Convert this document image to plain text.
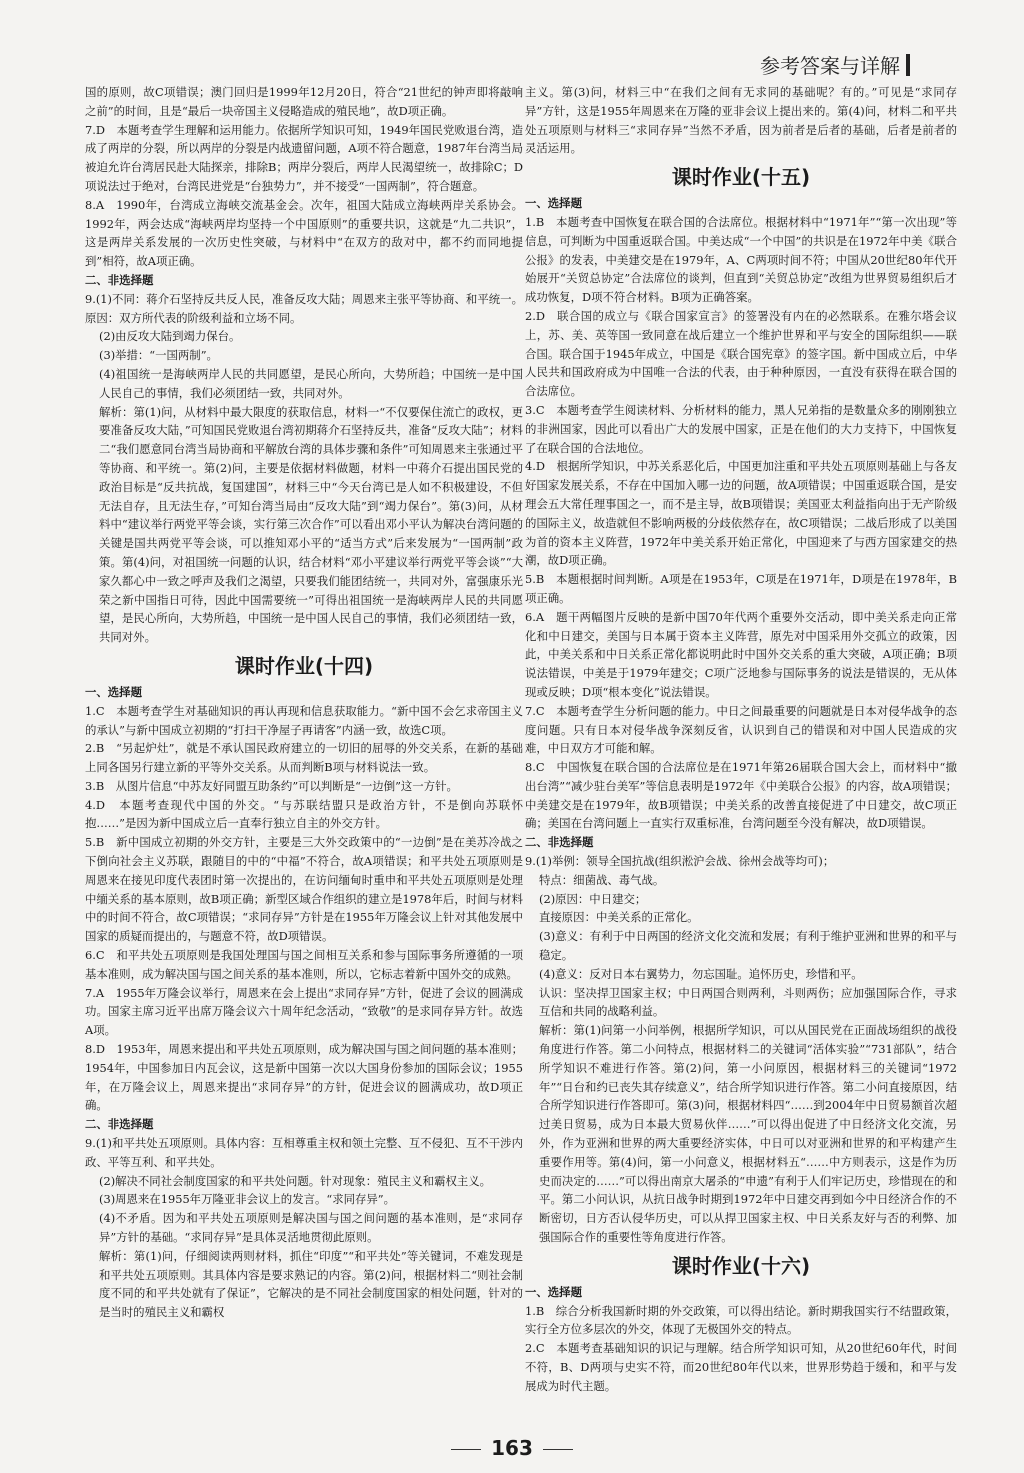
参考答案与详解
国的原则，故C项错误；澳门回归是1999年12月20日，符合“21世纪的钟声即将敲响之前”的时间，且是“最后一块帝国主义侵略造成的殖民地”，故D项正确。
7.D　本题考查学生理解和运用能力。依据所学知识可知，1949年国民党败退台湾，造成了两岸的分裂，所以两岸的分裂是内战遗留问题，A项不符合题意，1987年台湾当局被迫允许台湾居民赴大陆探亲，排除B；两岸分裂后，两岸人民渴望统一，故排除C；D项说法过于绝对，台湾民进党是“台独势力”，并不接受“一国两制”，符合题意。
8.A　1990年，台湾成立海峡交流基金会。次年，祖国大陆成立海峡两岸关系协会。1992年，两会达成“海峡两岸均坚持一个中国原则”的重要共识，这就是“九二共识”，这是两岸关系发展的一次历史性突破，与材料中“在双方的敌对中，都不约而同地提到”相符，故A项正确。
二、非选择题
9.(1)不同：蒋介石坚持反共反人民，准备反攻大陆；周恩来主张平等协商、和平统一。原因：双方所代表的阶级利益和立场不同。
(2)由反攻大陆到竭力保台。
(3)举措：“一国两制”。
(4)祖国统一是海峡两岸人民的共同愿望，是民心所向，大势所趋；中国统一是中国人民自己的事情，我们必须团结一致，共同对外。
解析：第(1)问，从材料中最大限度的获取信息，材料一“不仅要保住流亡的政权，更要准备反攻大陆，”可知国民党败退台湾初期蒋介石坚持反共，准备“反攻大陆”；材料二“我们愿意同台湾当局协商和平解放台湾的具体步骤和条件”可知周恩来主张通过平等协商、和平统一。第(2)问，主要是依据材料做题，材料一中蒋介石提出国民党的政治目标是“反共抗战，复国建国”，材料三中“今天台湾已是人如不积极建设，不但无法自存，且无法生存，”可知台湾当局由“反攻大陆”到“竭力保台”。第(3)问，从材料中“建议举行两党平等会谈，实行第三次合作”可以看出邓小平认为解决台湾问题的关键是国共两党平等会谈，可以推知邓小平的“适当方式”后来发展为“一国两制”政策。第(4)问，对祖国统一问题的认识，结合材料“邓小平建议举行两党平等会谈”“大家久都心中一致之呼声及我们之渴望，只要我们能团结统一，共同对外，富强康乐光荣之新中国指日可待，因此中国需要统一”可得出祖国统一是海峡两岸人民的共同愿望，是民心所向，大势所趋，中国统一是中国人民自己的事情，我们必须团结一致，共同对外。
课时作业(十四)
一、选择题
1.C　本题考查学生对基础知识的再认再现和信息获取能力。“新中国不会乞求帝国主义的承认”与新中国成立初期的“打扫干净屋子再请客”内涵一致，故选C项。
2.B　“另起炉灶”，就是不承认国民政府建立的一切旧的屈辱的外交关系，在新的基础上同各国另行建立新的平等外交关系。从而判断B项与材料说法一致。
3.B　从图片信息“中苏友好同盟互助条约”可以判断是“一边倒”这一方针。
4.D　本题考查现代中国的外交。“与苏联结盟只是政治方针，不是倒向苏联怀抱……”是因为新中国成立后一直奉行独立自主的外交方针。
5.B　新中国成立初期的外交方针，主要是三大外交政策中的“一边倒”是在美苏冷战之下倒向社会主义苏联，跟随目的中的“中福”不符合，故A项错误；和平共处五项原则是周恩来在接见印度代表团时第一次提出的，在访问缅甸时重申和平共处五项原则是处理中缅关系的基本原则，故B项正确；新型区域合作组织的建立是1978年后，时间与材料中的时间不符合，故C项错误；“求同存异”方针是在1955年万隆会议上针对其他发展中国家的质疑而提出的，与题意不符，故D项错误。
6.C　和平共处五项原则是我国处理国与国之间相互关系和参与国际事务所遵循的一项基本准则，成为解决国与国之间关系的基本准则，所以，它标志着新中国外交的成熟。
7.A　1955年万隆会议举行，周恩来在会上提出“求同存异”方针，促进了会议的圆满成功。国家主席习近平出席万隆会议六十周年纪念活动，“致敬”的是求同存异方针。故选A项。
8.D　1953年，周恩来提出和平共处五项原则，成为解决国与国之间问题的基本准则；1954年，中国参加日内瓦会议，这是新中国第一次以大国身份参加的国际会议；1955年，在万隆会议上，周恩来提出“求同存异”的方针，促进会议的圆满成功，故D项正确。
二、非选择题
9.(1)和平共处五项原则。具体内容：互相尊重主权和领土完整、互不侵犯、互不干涉内政、平等互利、和平共处。
(2)解决不同社会制度国家的和平共处问题。针对现象：殖民主义和霸权主义。
(3)周恩来在1955年万隆亚非会议上的发言。“求同存异”。
(4)不矛盾。因为和平共处五项原则是解决国与国之间问题的基本准则，是“求同存异”方针的基础。“求同存异”是具体灵活地贯彻此原则。
解析：第(1)问，仔细阅读两则材料，抓住“印度”“和平共处”等关键词，不难发现是和平共处五项原则。其具体内容是要求熟记的内容。第(2)问，根据材料二“则社会制度不同的和平共处就有了保证”，它解决的是不同社会制度国家的相处问题，针对的是当时的殖民主义和霸权
主义。第(3)问，材料三中“在我们之间有无求同的基础呢？有的。”可见是“求同存异”方针，这是1955年周恩来在万隆的亚非会议上提出来的。第(4)问，材料二和平共处五项原则与材料三“求同存异”当然不矛盾，因为前者是后者的基础，后者是前者的灵活运用。
课时作业(十五)
一、选择题
1.B　本题考查中国恢复在联合国的合法席位。根据材料中“1971年”“第一次出现”等信息，可判断为中国重返联合国。中美达成“一个中国”的共识是在1972年中美《联合公报》的发表，中美建交是在1979年，A、C两项时间不符；中国从20世纪80年代开始展开“关贸总协定”合法席位的谈判，但直到“关贸总协定”改组为世界贸易组织后才成功恢复，D项不符合材料。B项为正确答案。
2.D　联合国的成立与《联合国家宣言》的签署没有内在的必然联系。在雅尔塔会议上，苏、美、英等国一致同意在战后建立一个维护世界和平与安全的国际组织——联合国。联合国于1945年成立，中国是《联合国宪章》的签字国。新中国成立后，中华人民共和国政府成为中国唯一合法的代表，由于种种原因，一直没有获得在联合国的合法席位。
3.C　本题考查学生阅读材料、分析材料的能力，黑人兄弟指的是数量众多的刚刚独立的非洲国家，因此可以看出广大的发展中国家，正是在他们的大力支持下，中国恢复了在联合国的合法地位。
4.D　根据所学知识，中苏关系恶化后，中国更加注重和平共处五项原则基础上与各友好国家发展关系，不存在中国加入哪一边的问题，故A项错误；中国重返联合国，是安理会五大常任理事国之一，而不是主导，故B项错误；美国亚太利益指向出于无产阶级的国际主义，故造就但不影响两极的分歧依然存在，故C项错误；二战后形成了以美国为首的资本主义阵营，1972年中美关系开始正常化，中国迎来了与西方国家建交的热潮，故D项正确。
5.B　本题根据时间判断。A项是在1953年，C项是在1971年，D项是在1978年，B项正确。
6.A　题干两幅图片反映的是新中国70年代两个重要外交活动，即中美关系走向正常化和中日建交，美国与日本属于资本主义阵营，原先对中国采用外交孤立的政策，因此，中美关系和中日关系正常化都说明此时中国外交关系的重大突破，A项正确；B项说法错误，中美是于1979年建交；C项广泛地参与国际事务的说法是错误的，无从体现或反映；D项“根本变化”说法错误。
7.C　本题考查学生分析问题的能力。中日之间最重要的问题就是日本对侵华战争的态度问题。只有日本对侵华战争深刻反省，认识到自己的错误和对中国人民造成的灾难，中日双方才可能和解。
8.C　中国恢复在联合国的合法席位是在1971年第26届联合国大会上，而材料中“撤出台湾”“减少驻台美军”等信息表明是1972年《中美联合公报》的内容，故A项错误；中美建交是在1979年，故B项错误；中美关系的改善直接促进了中日建交，故C项正确；美国在台湾问题上一直实行双重标准，台湾问题至今没有解决，故D项错误。
二、非选择题
9.(1)举例：领导全国抗战(组织淞沪会战、徐州会战等均可)；
特点：细菌战、毒气战。
(2)原因：中日建交；
直接原因：中美关系的正常化。
(3)意义：有利于中日两国的经济文化交流和发展；有利于维护亚洲和世界的和平与稳定。
(4)意义：反对日本右翼势力，勿忘国耻。追怀历史，珍惜和平。
认识：坚决捍卫国家主权；中日两国合则两利，斗则两伤；应加强国际合作，寻求互信和共同的战略利益。
解析：第(1)问第一小问举例，根据所学知识，可以从国民党在正面战场组织的战役角度进行作答。第二小问特点，根据材料二的关键词“活体实验”“731部队”，结合所学知识不难进行作答。第(2)问，第一小问原因，根据材料三的关键词“1972年”“日台和约已丧失其存续意义”，结合所学知识进行作答。第二小问直接原因，结合所学知识进行作答即可。第(3)问，根据材料四“……到2004年中日贸易额首次超过美日贸易，成为日本最大贸易伙伴……”可以得出促进了中日经济文化交流，另外，作为亚洲和世界的两大重要经济实体，中日可以对亚洲和世界的和平构建产生重要作用等。第(4)问，第一小问意义，根据材料五“……中方则表示，这是作为历史而决定的……”可以得出南京大屠杀的“申遗”有利于人们牢记历史，珍惜现在的和平。第二小问认识，从抗日战争时期到1972年中日建交再到如今中日经济合作的不断密切，日方否认侵华历史，可以从捍卫国家主权、中日关系友好与否的利弊、加强国际合作的重要性等角度进行作答。
课时作业(十六)
一、选择题
1.B　综合分析我国新时期的外交政策，可以得出结论。新时期我国实行不结盟政策，实行全方位多层次的外交，体现了无极国外交的特点。
2.C　本题考查基础知识的识记与理解。结合所学知识可知，从20世纪60年代，时间不符，B、D两项与史实不符，而20世纪80年代以来，世界形势趋于缓和，和平与发展成为时代主题。
163
